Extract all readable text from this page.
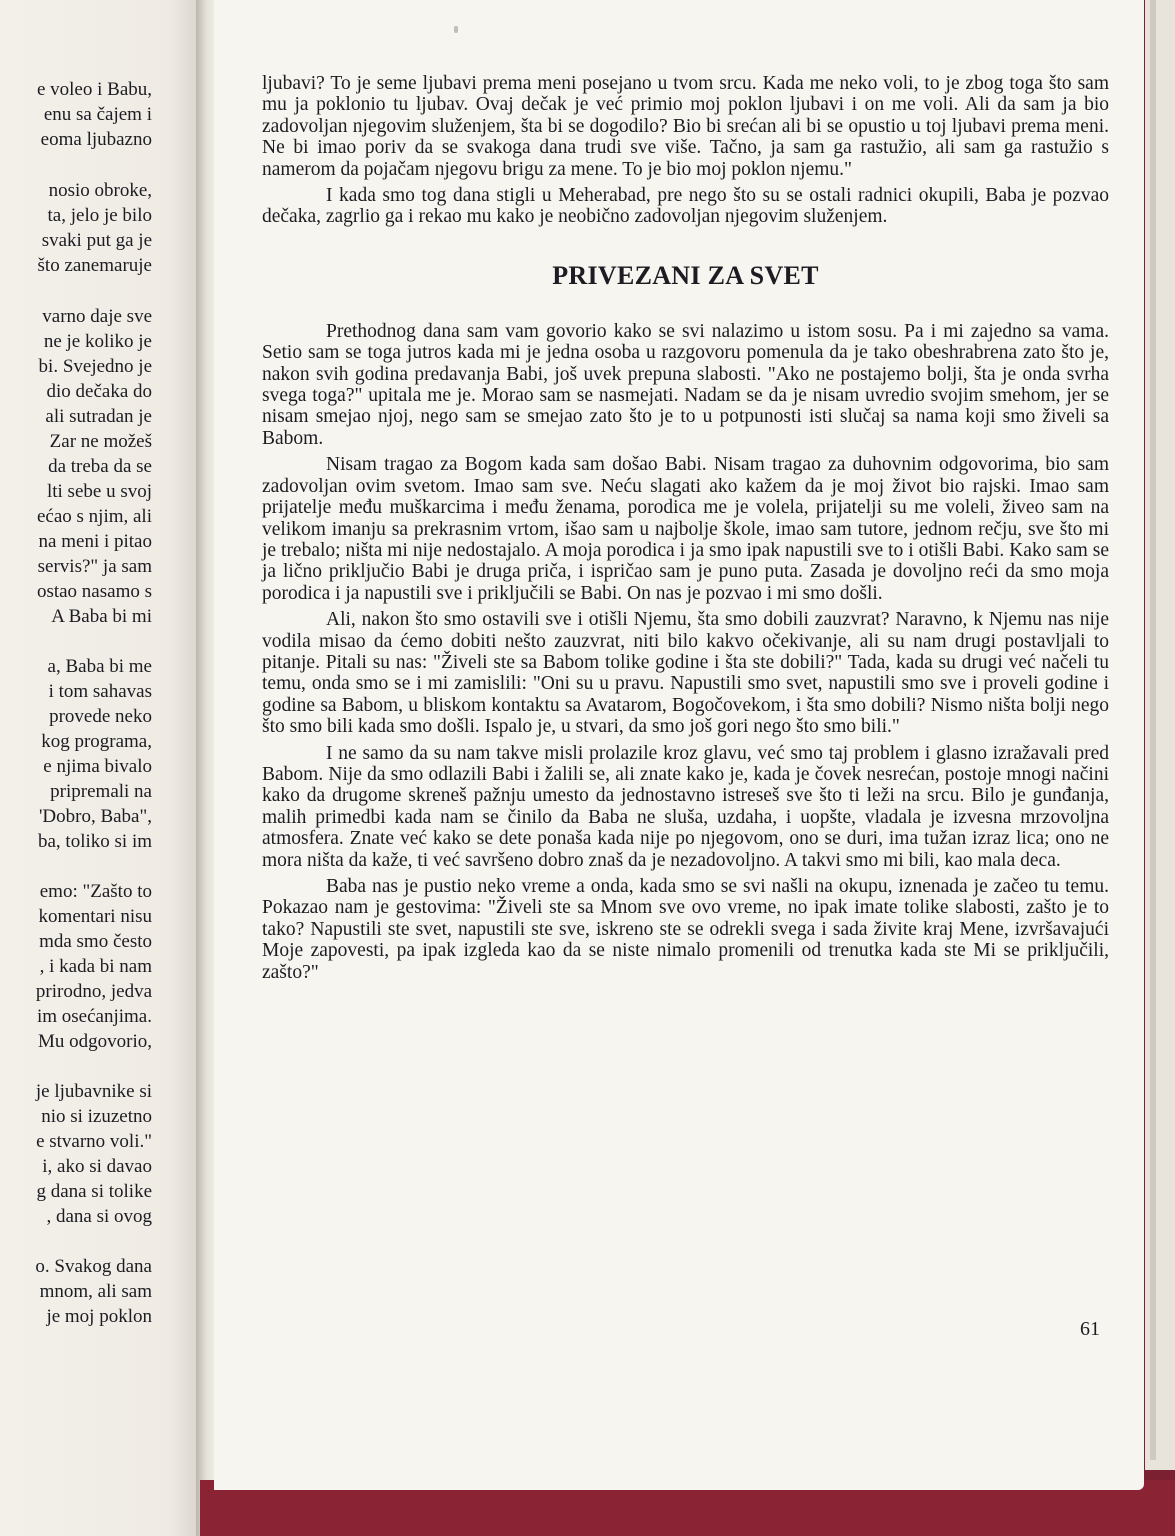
e voleo i Babu,
enu sa čajem i
eoma ljubazno
nosio obroke,
ta, jelo je bilo
svaki put ga je
što zanemaruje
varno daje sve
ne je koliko je
bi. Svejedno je
dio dečaka do
ali sutradan je
Zar ne možeš
da treba da se
lti sebe u svoj
ećao s njim, ali
na meni i pitao
servis?" ja sam
ostao nasamo s
A Baba bi mi
a, Baba bi me
i tom sahavas
provede neko
kog programa,
e njima bivalo
pripremali na
'Dobro, Baba",
ba, toliko si im
emo: "Zašto to
komentari nisu
mda smo često
, i kada bi nam
prirodno, jedva
im osećanjima.
Mu odgovorio,
je ljubavnike si
nio si izuzetno
e stvarno voli."
i, ako si davao
g dana si tolike
, dana si ovog
o. Svakog dana
mnom, ali sam
je moj poklon

ljubavi? To je seme ljubavi prema meni posejano u tvom srcu. Kada me neko voli, to je zbog toga što sam mu ja poklonio tu ljubav. Ovaj dečak je već primio moj poklon ljubavi i on me voli. Ali da sam ja bio zadovoljan njegovim služenjem, šta bi se dogodilo? Bio bi srećan ali bi se opustio u toj ljubavi prema meni. Ne bi imao poriv da se svakoga dana trudi sve više. Tačno, ja sam ga rastužio, ali sam ga rastužio s namerom da pojačam njegovu brigu za mene. To je bio moj poklon njemu."

I kada smo tog dana stigli u Meherabad, pre nego što su se ostali radnici okupili, Baba je pozvao dečaka, zagrlio ga i rekao mu kako je neobično zadovoljan njegovim služenjem.

PRIVEZANI ZA SVET

Prethodnog dana sam vam govorio kako se svi nalazimo u istom sosu. Pa i mi zajedno sa vama. Setio sam se toga jutros kada mi je jedna osoba u razgovoru pomenula da je tako obeshrabrena zato što je, nakon svih godina predavanja Babi, još uvek prepuna slabosti. "Ako ne postajemo bolji, šta je onda svrha svega toga?" upitala me je. Morao sam se nasmejati. Nadam se da je nisam uvredio svojim smehom, jer se nisam smejao njoj, nego sam se smejao zato što je to u potpunosti isti slučaj sa nama koji smo živeli sa Babom.

Nisam tragao za Bogom kada sam došao Babi. Nisam tragao za duhovnim odgovorima, bio sam zadovoljan ovim svetom. Imao sam sve. Neću slagati ako kažem da je moj život bio rajski. Imao sam prijatelje među muškarcima i među ženama, porodica me je volela, prijatelji su me voleli, živeo sam na velikom imanju sa prekrasnim vrtom, išao sam u najbolje škole, imao sam tutore, jednom rečju, sve što mi je trebalo; ništa mi nije nedostajalo. A moja porodica i ja smo ipak napustili sve to i otišli Babi. Kako sam se ja lično priključio Babi je druga priča, i ispričao sam je puno puta. Zasada je dovoljno reći da smo moja porodica i ja napustili sve i priključili se Babi. On nas je pozvao i mi smo došli.

Ali, nakon što smo ostavili sve i otišli Njemu, šta smo dobili zauzvrat? Naravno, k Njemu nas nije vodila misao da ćemo dobiti nešto zauzvrat, niti bilo kakvo očekivanje, ali su nam drugi postavljali to pitanje. Pitali su nas: "Živeli ste sa Babom tolike godine i šta ste dobili?" Tada, kada su drugi već načeli tu temu, onda smo se i mi zamislili: "Oni su u pravu. Napustili smo svet, napustili smo sve i proveli godine i godine sa Babom, u bliskom kontaktu sa Avatarom, Bogočovekom, i šta smo dobili? Nismo ništa bolji nego što smo bili kada smo došli. Ispalo je, u stvari, da smo još gori nego što smo bili."

I ne samo da su nam takve misli prolazile kroz glavu, već smo taj problem i glasno izražavali pred Babom. Nije da smo odlazili Babi i žalili se, ali znate kako je, kada je čovek nesrećan, postoje mnogi načini kako da drugome skreneš pažnju umesto da jednostavno istreseš sve što ti leži na srcu. Bilo je gunđanja, malih primedbi kada nam se činilo da Baba ne sluša, uzdaha, i uopšte, vladala je izvesna mrzovoljna atmosfera. Znate već kako se dete ponaša kada nije po njegovom, ono se duri, ima tužan izraz lica; ono ne mora ništa da kaže, ti već savršeno dobro znaš da je nezadovoljno. A takvi smo mi bili, kao mala deca.

Baba nas je pustio neko vreme a onda, kada smo se svi našli na okupu, iznenada je začeo tu temu. Pokazao nam je gestovima: "Živeli ste sa Mnom sve ovo vreme, no ipak imate tolike slabosti, zašto je to tako? Napustili ste svet, napustili ste sve, iskreno ste se odrekli svega i sada živite kraj Mene, izvršavajući Moje zapovesti, pa ipak izgleda kao da se niste nimalo promenili od trenutka kada ste Mi se priključili, zašto?"

61
